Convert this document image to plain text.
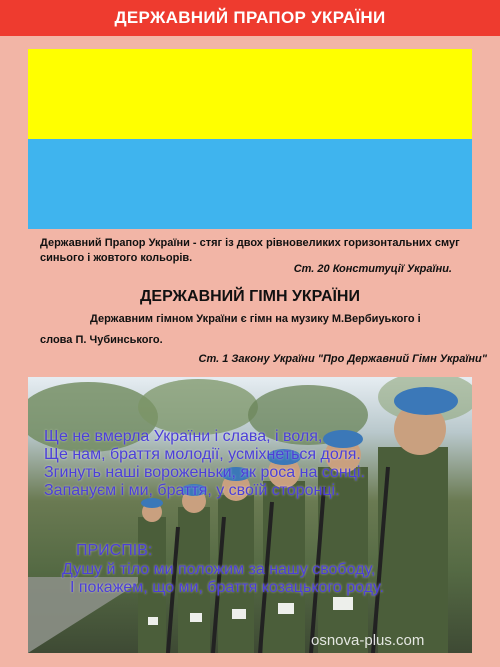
ДЕРЖАВНИЙ ПРАПОР УКРАЇНИ
Державний Прапор України - стяг із двох рівновеликих горизонтальних смуг синього і жовтого кольорів.
Ст. 20 Конституції України.
ДЕРЖАВНИЙ ГІМН УКРАЇНИ
Державним гімном України є гімн на музику М.Вербиуького і
слова П. Чубинського.
Ст. 1 Закону України "Про Державний Гімн України"
Ще не вмерла України і слава, і воля,
Ще нам, браття молодії, усміхнеться доля.
Згинуть наші вороженьки, як роса на сонці.
Запануєм і ми, браття, у своїй сторонці.
ПРИСПІВ:
Душу й тіло ми положим за нашу свободу,
І покажем, що ми, браття козацького роду.
osnova-plus.com
